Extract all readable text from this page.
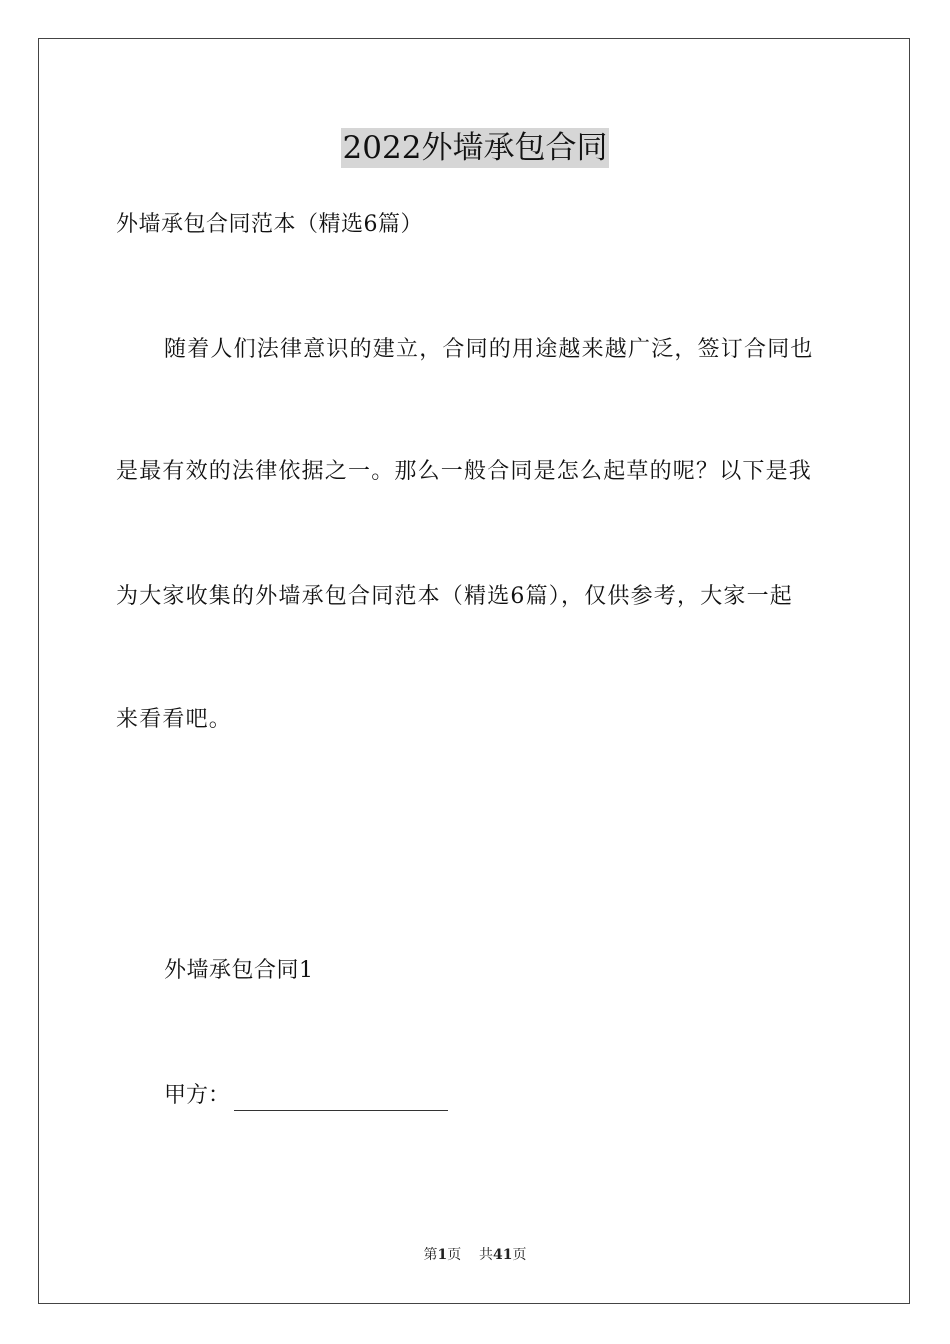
2022外墙承包合同
外墙承包合同范本（精选6篇）
随着人们法律意识的建立，合同的用途越来越广泛，签订合同也
是最有效的法律依据之一。那么一般合同是怎么起草的呢？以下是我
为大家收集的外墙承包合同范本（精选6篇），仅供参考，大家一起
来看看吧。
外墙承包合同1
甲方：
第1页 共41页
